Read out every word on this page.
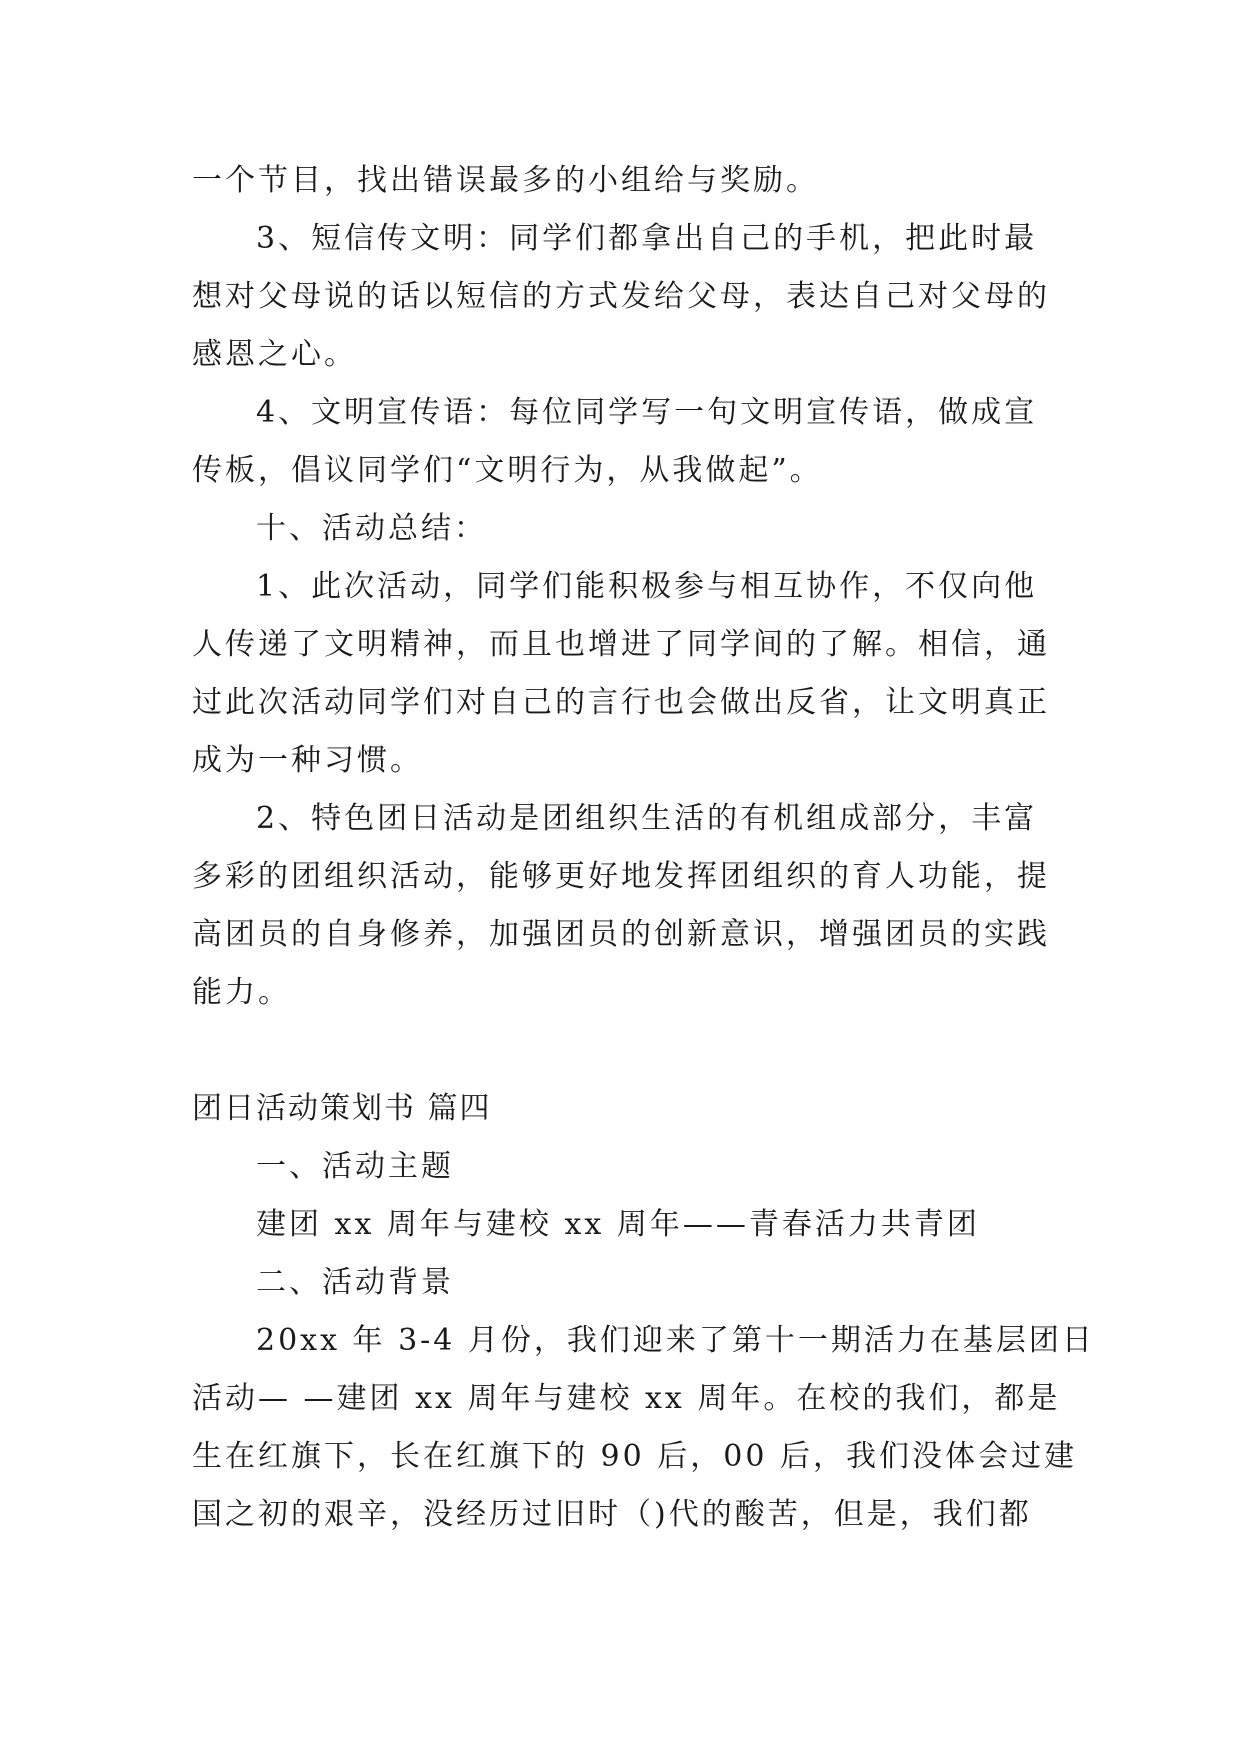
一个节目，找出错误最多的小组给与奖励。
3、短信传文明：同学们都拿出自己的手机，把此时最
想对父母说的话以短信的方式发给父母，表达自己对父母的
感恩之心。
4、文明宣传语：每位同学写一句文明宣传语，做成宣
传板，倡议同学们“文明行为，从我做起”。
十、活动总结：
1、此次活动，同学们能积极参与相互协作，不仅向他
人传递了文明精神，而且也增进了同学间的了解。相信，通
过此次活动同学们对自己的言行也会做出反省，让文明真正
成为一种习惯。
2、特色团日活动是团组织生活的有机组成部分，丰富
多彩的团组织活动，能够更好地发挥团组织的育人功能，提
高团员的自身修养，加强团员的创新意识，增强团员的实践
能力。
团日活动策划书 篇四
一、活动主题
建团 xx 周年与建校 xx 周年——青春活力共青团
二、活动背景
20xx 年 3-4 月份，我们迎来了第十一期活力在基层团日
活动— —建团 xx 周年与建校 xx 周年。在校的我们，都是
生在红旗下，长在红旗下的 90 后，00 后，我们没体会过建
国之初的艰辛，没经历过旧时（)代的酸苦，但是，我们都
